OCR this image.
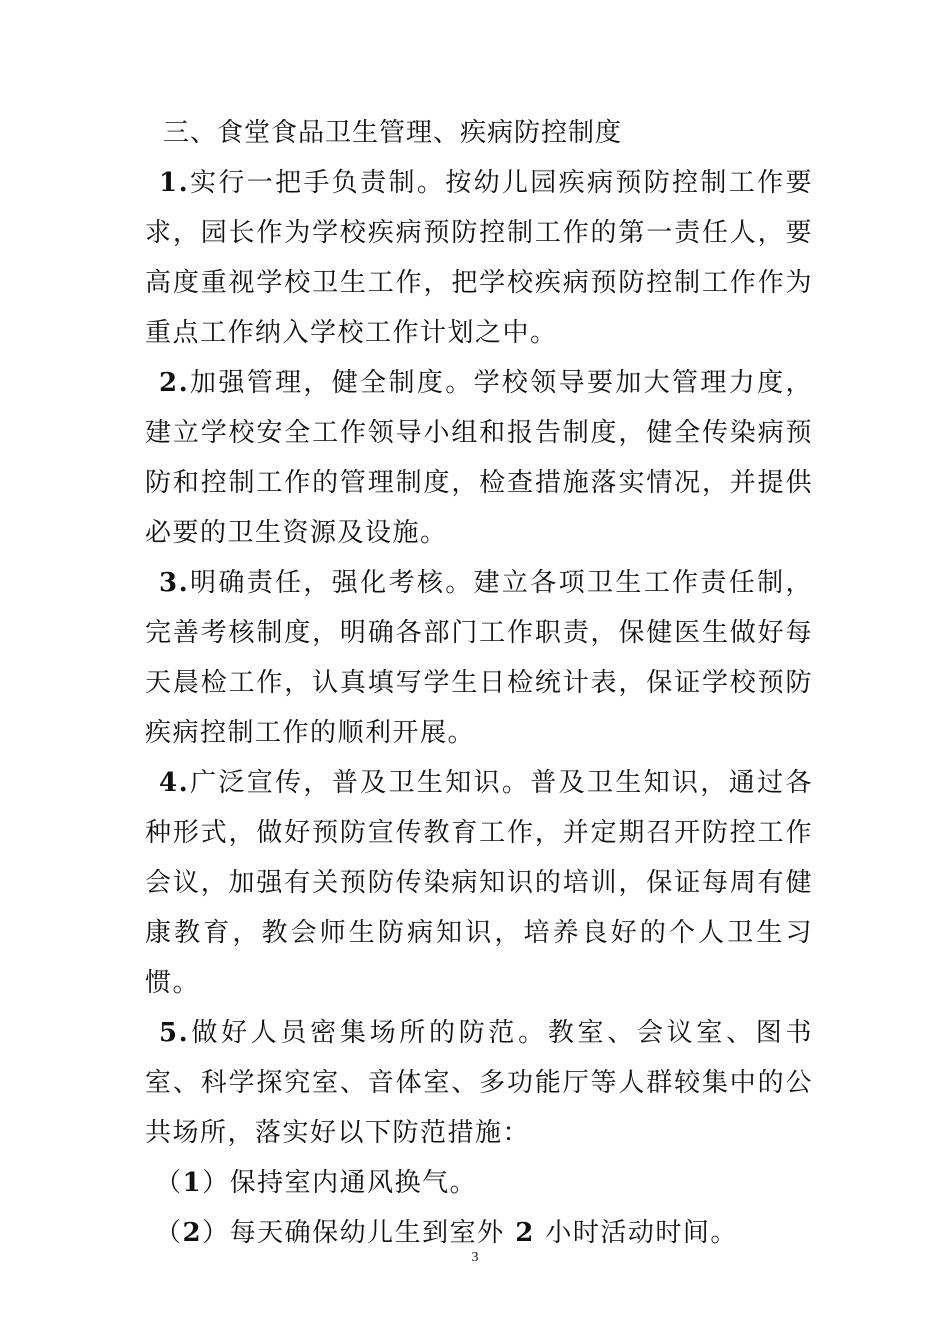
三、食堂食品卫生管理、疾病防控制度

1.实行一把手负责制。按幼儿园疾病预防控制工作要求，园长作为学校疾病预防控制工作的第一责任人，要高度重视学校卫生工作，把学校疾病预防控制工作作为重点工作纳入学校工作计划之中。

2.加强管理，健全制度。学校领导要加大管理力度，建立学校安全工作领导小组和报告制度，健全传染病预防和控制工作的管理制度，检查措施落实情况，并提供必要的卫生资源及设施。

3.明确责任，强化考核。建立各项卫生工作责任制，完善考核制度，明确各部门工作职责，保健医生做好每天晨检工作，认真填写学生日检统计表，保证学校预防疾病控制工作的顺利开展。

4.广泛宣传，普及卫生知识。普及卫生知识，通过各种形式，做好预防宣传教育工作，并定期召开防控工作会议，加强有关预防传染病知识的培训，保证每周有健康教育，教会师生防病知识，培养良好的个人卫生习惯。

5.做好人员密集场所的防范。教室、会议室、图书室、科学探究室、音体室、多功能厅等人群较集中的公共场所，落实好以下防范措施：

（1）保持室内通风换气。
（2）每天确保幼儿生到室外 2 小时活动时间。
3
